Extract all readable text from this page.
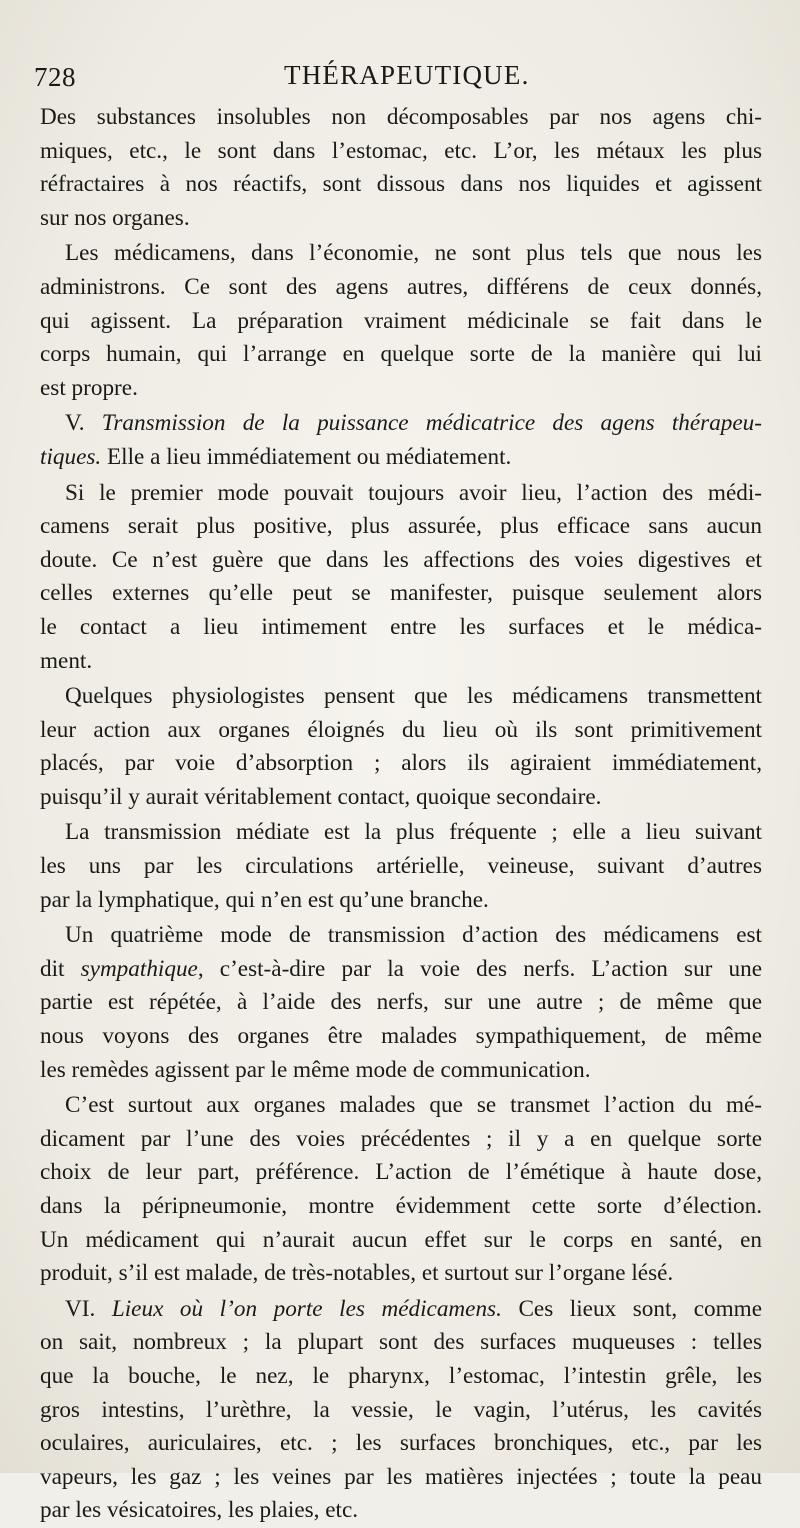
728	THÉRAPEUTIQUE.
Des substances insolubles non décomposables par nos agens chi-
miques, etc., le sont dans l’estomac, etc. L’or, les métaux les plus
réfractaires à nos réactifs, sont dissous dans nos liquides et agissent
sur nos organes.
Les médicamens, dans l’économie, ne sont plus tels que nous les
administrons. Ce sont des agens autres, différens de ceux donnés,
qui agissent. La préparation vraiment médicinale se fait dans le
corps humain, qui l’arrange en quelque sorte de la manière qui lui
est propre.
V. Transmission de la puissance médicatrice des agens thérapeu-
tiques. Elle a lieu immédiatement ou médiatement.
Si le premier mode pouvait toujours avoir lieu, l’action des médi-
camens serait plus positive, plus assurée, plus efficace sans aucun
doute. Ce n’est guère que dans les affections des voies digestives et
celles externes qu’elle peut se manifester, puisque seulement alors
le contact a lieu intimement entre les surfaces et le médica-
ment.
Quelques physiologistes pensent que les médicamens transmettent
leur action aux organes éloignés du lieu où ils sont primitivement
placés, par voie d’absorption ; alors ils agiraient immédiatement,
puisqu’il y aurait véritablement contact, quoique secondaire.
La transmission médiate est la plus fréquente ; elle a lieu suivant
les uns par les circulations artérielle, veineuse, suivant d’autres
par la lymphatique, qui n’en est qu’une branche.
Un quatrième mode de transmission d’action des médicamens est
dit sympathique, c’est-à-dire par la voie des nerfs. L’action sur une
partie est répétée, à l’aide des nerfs, sur une autre ; de même que
nous voyons des organes être malades sympathiquement, de même
les remèdes agissent par le même mode de communication.
C’est surtout aux organes malades que se transmet l’action du mé-
dicament par l’une des voies précédentes ; il y a en quelque sorte
choix de leur part, préférence. L’action de l’émétique à haute dose,
dans la péripneumonie, montre évidemment cette sorte d’élection.
Un médicament qui n’aurait aucun effet sur le corps en santé, en
produit, s’il est malade, de très-notables, et surtout sur l’organe lésé.
VI. Lieux où l’on porte les médicamens. Ces lieux sont, comme
on sait, nombreux ; la plupart sont des surfaces muqueuses : telles
que la bouche, le nez, le pharynx, l’estomac, l’intestin grêle, les
gros intestins, l’urèthre, la vessie, le vagin, l’utérus, les cavités
oculaires, auriculaires, etc. ; les surfaces bronchiques, etc., par les
vapeurs, les gaz ; les veines par les matières injectées ; toute la peau
par les vésicatoires, les plaies, etc.
